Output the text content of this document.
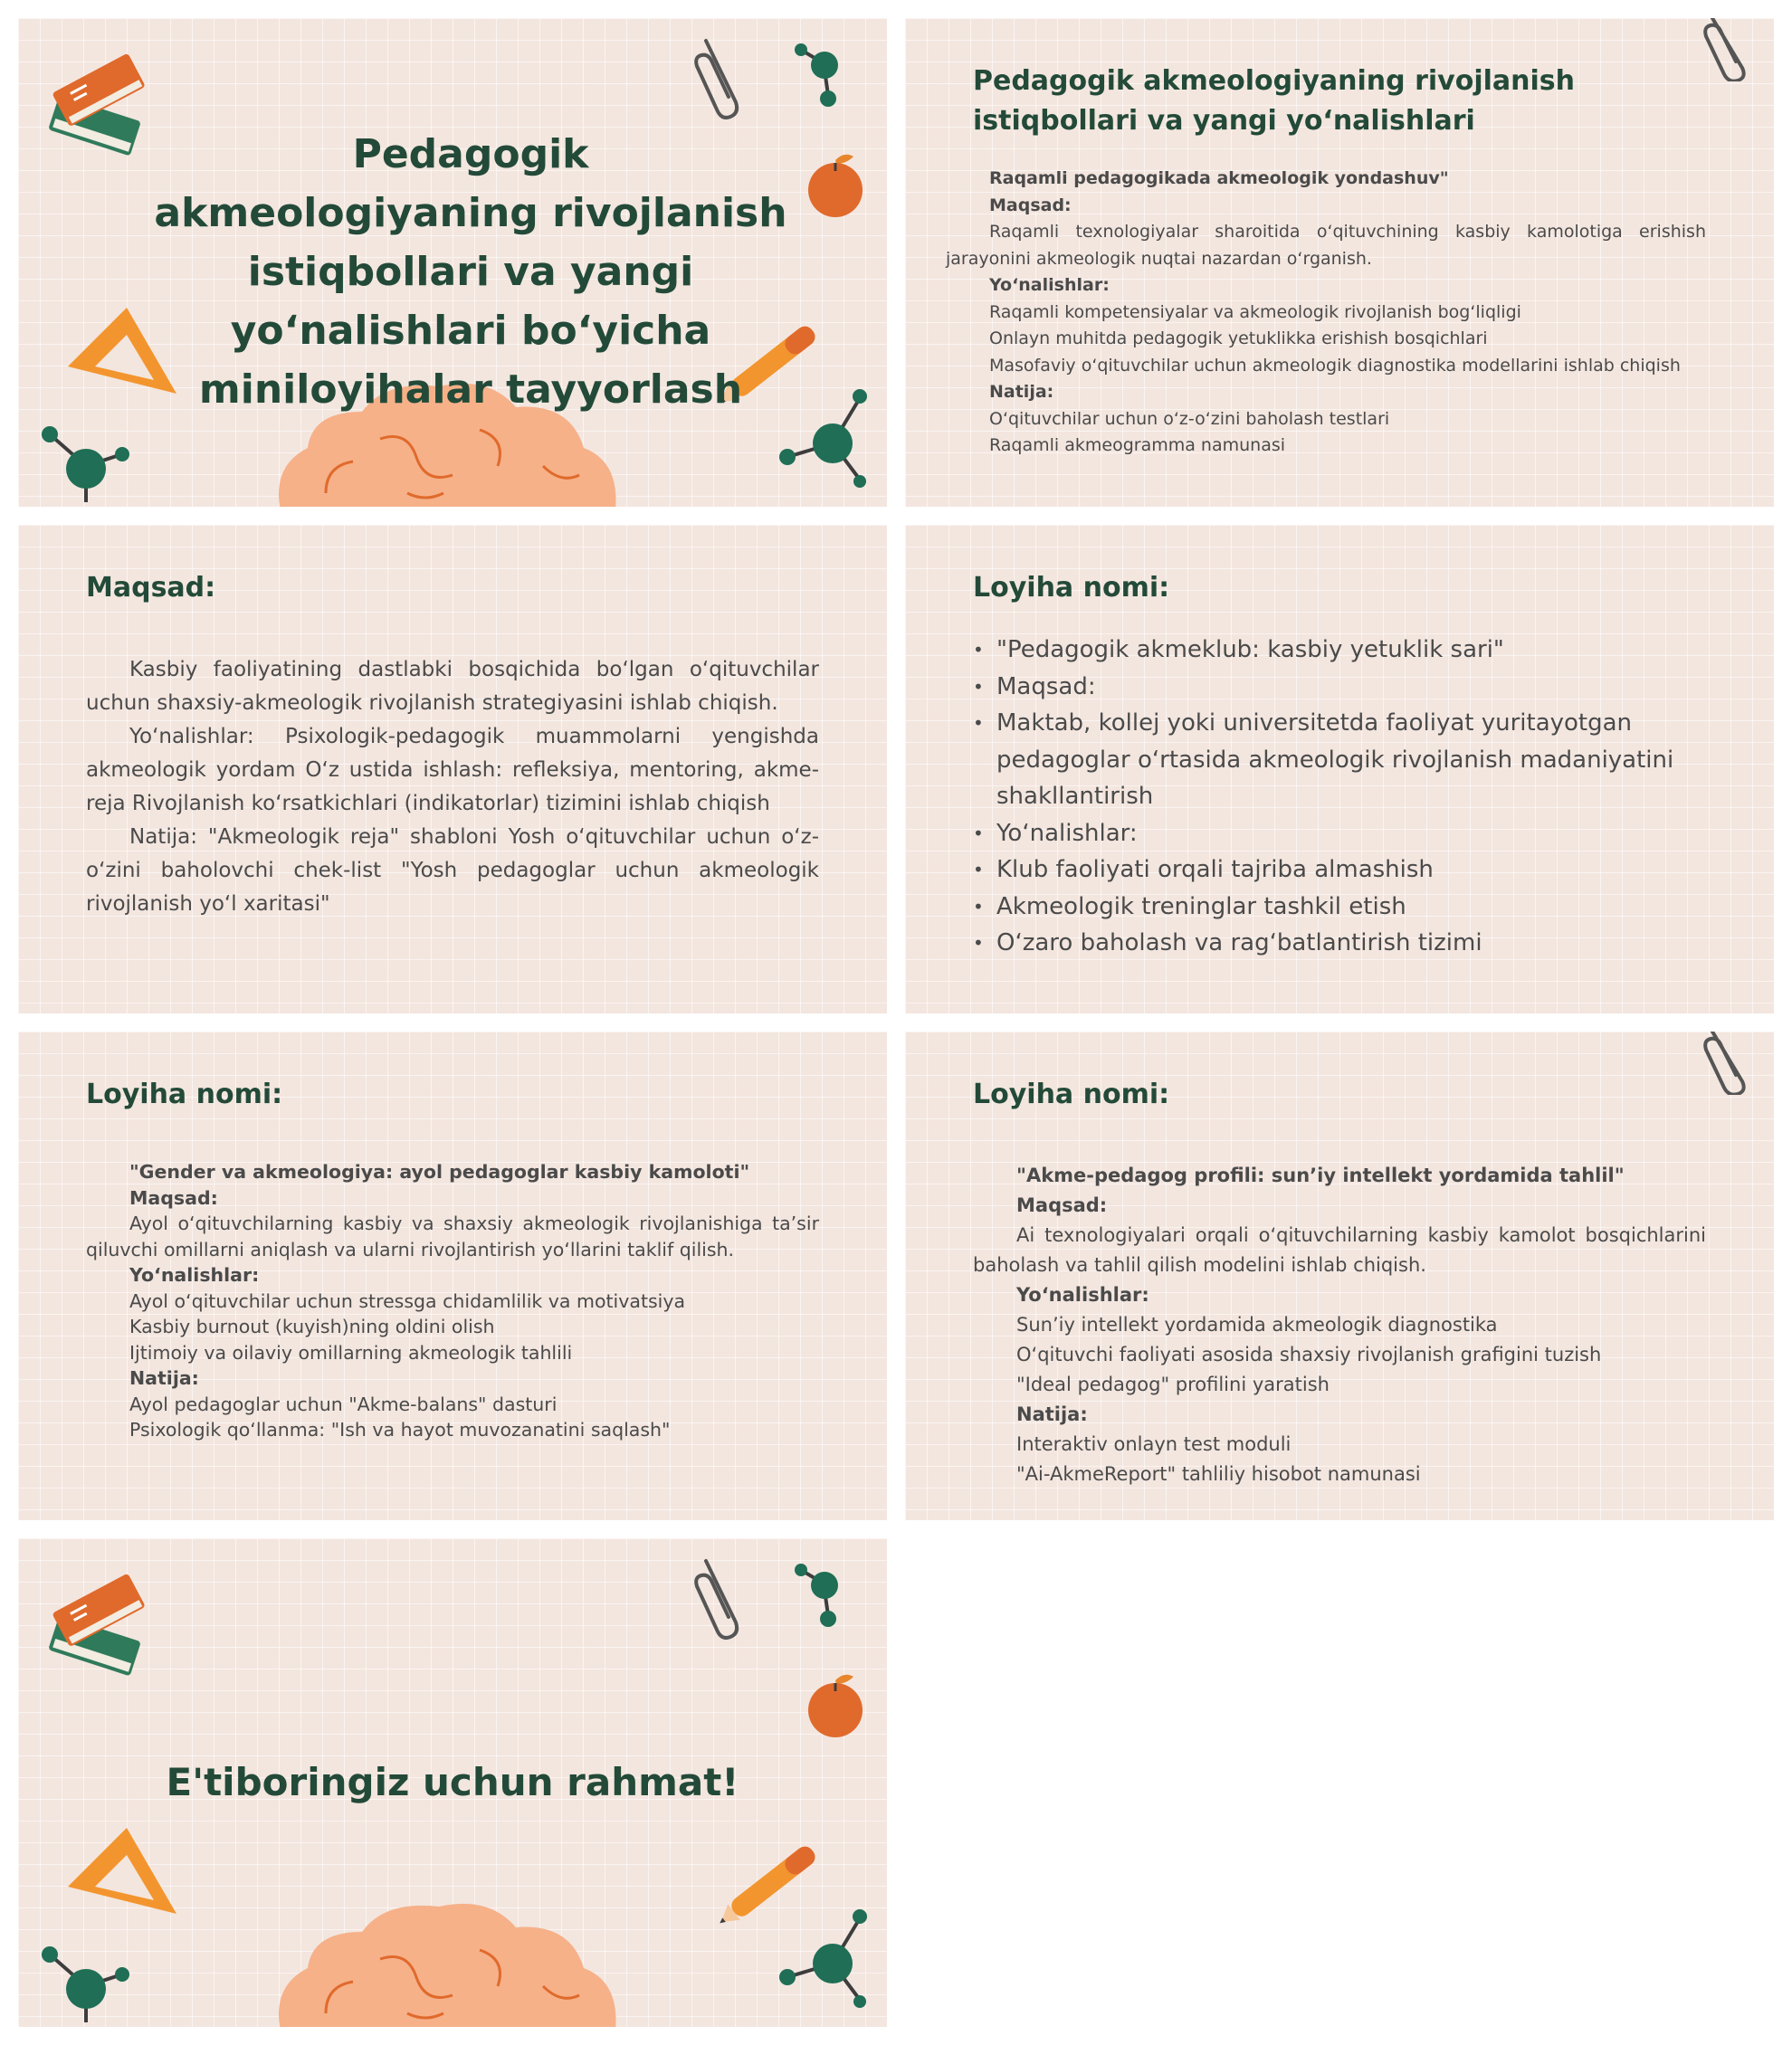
Pedagogik akmeologiyaning rivojlanish istiqbollari va yangi yo‘nalishlari bo‘yicha miniloyihalar tayyorlash
Pedagogik akmeologiyaning rivojlanish istiqbollari va yangi yo‘nalishlari

Raqamli pedagogikada akmeologik yondashuv"

Maqsad:

Raqamli texnologiyalar sharoitida o‘qituvchining kasbiy kamolotiga erishish jarayonini akmeologik nuqtai nazardan o‘rganish.

Yo‘nalishlar:

Raqamli kompetensiyalar va akmeologik rivojlanish bog‘liqligi

Onlayn muhitda pedagogik yetuklikka erishish bosqichlari

Masofaviy o‘qituvchilar uchun akmeologik diagnostika modellarini ishlab chiqish

Natija:

O‘qituvchilar uchun o‘z-o‘zini baholash testlari

Raqamli akmeogramma namunasi

Maqsad:

Kasbiy faoliyatining dastlabki bosqichida bo‘lgan o‘qituvchilar uchun shaxsiy-akmeologik rivojlanish strategiyasini ishlab chiqish.

Yo‘nalishlar: Psixologik-pedagogik muammolarni yengishda akmeologik yordam O‘z ustida ishlash: refleksiya, mentoring, akme-reja Rivojlanish ko‘rsatkichlari (indikatorlar) tizimini ishlab chiqish

Natija: "Akmeologik reja" shabloni Yosh o‘qituvchilar uchun o‘z-o‘zini baholovchi chek-list "Yosh pedagoglar uchun akmeologik rivojlanish yo‘l xaritasi"

Loyiha nomi:
• "Pedagogik akmeklub: kasbiy yetuklik sari"
• Maqsad:
• Maktab, kollej yoki universitetda faoliyat yuritayotgan pedagoglar o‘rtasida akmeologik rivojlanish madaniyatini shakllantirish
• Yo‘nalishlar:
• Klub faoliyati orqali tajriba almashish
• Akmeologik treninglar tashkil etish
• O‘zaro baholash va rag‘batlantirish tizimi
Loyiha nomi:

"Gender va akmeologiya: ayol pedagoglar kasbiy kamoloti"

Maqsad:

Ayol o‘qituvchilarning kasbiy va shaxsiy akmeologik rivojlanishiga ta’sir qiluvchi omillarni aniqlash va ularni rivojlantirish yo‘llarini taklif qilish.

Yo‘nalishlar:

Ayol o‘qituvchilar uchun stressga chidamlilik va motivatsiya

Kasbiy burnout (kuyish)ning oldini olish

Ijtimoiy va oilaviy omillarning akmeologik tahlili

Natija:

Ayol pedagoglar uchun "Akme-balans" dasturi

Psixologik qo‘llanma: "Ish va hayot muvozanatini saqlash"

Loyiha nomi:

"Akme-pedagog profili: sun’iy intellekt yordamida tahlil"

Maqsad:

Ai texnologiyalari orqali o‘qituvchilarning kasbiy kamolot bosqichlarini baholash va tahlil qilish modelini ishlab chiqish.

Yo‘nalishlar:

Sun’iy intellekt yordamida akmeologik diagnostika

O‘qituvchi faoliyati asosida shaxsiy rivojlanish grafigini tuzish

"Ideal pedagog" profilini yaratish

Natija:

Interaktiv onlayn test moduli

"Ai-AkmeReport" tahliliy hisobot namunasi

E'tiboringiz uchun rahmat!
